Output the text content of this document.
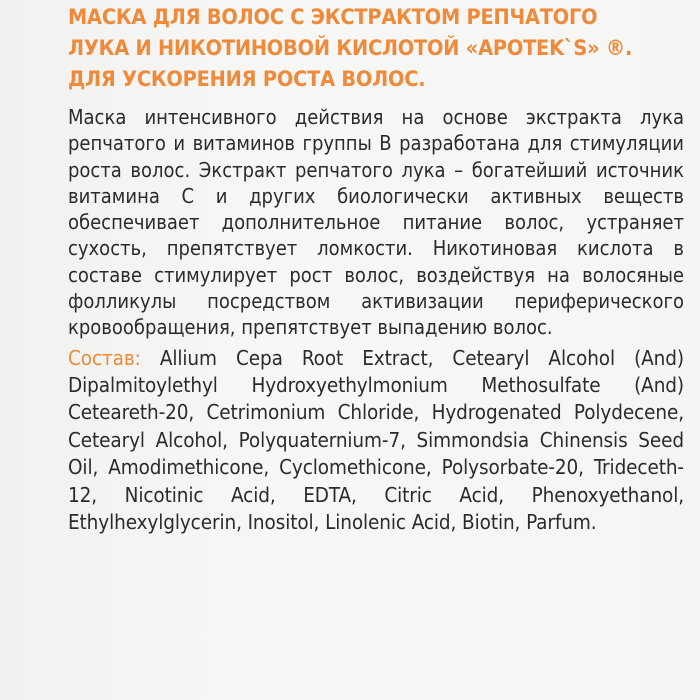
МАСКА ДЛЯ ВОЛОС С ЭКСТРАКТОМ РЕПЧАТОГО
ЛУКА И НИКОТИНОВОЙ КИСЛОТОЙ «APOTEK`S» ®.
ДЛЯ УСКОРЕНИЯ РОСТА ВОЛОС.

Маска интенсивного действия на основе экстракта лука репчатого и витаминов группы В разработана для стимуляции роста волос. Экстракт репчатого лука – богатейший источник витамина С и других биологически активных веществ обеспечивает дополнительное питание волос, устраняет сухость, препятствует ломкости. Никотиновая кислота в составе стимулирует рост волос, воздействуя на волосяные фолликулы посредством активизации периферического кровообращения, препятствует выпадению волос.

Состав: Allium Cepa Root Extract, Cetearyl Alcohol (And) Dipalmitoylethyl Hydroxyethylmonium Methosulfate (And) Ceteareth-20, Cetrimonium Chloride, Hydrogenated Polydecene, Cetearyl Alcohol, Polyquaternium-7, Simmondsia Chinensis Seed Oil, Amodimethicone, Cyclomethicone, Polysorbate-20, Trideceth-12, Nicotinic Acid, EDTA, Citric Acid, Phenoxyethanol, Ethylhexylglycerin, Inositol, Linolenic Acid, Biotin, Parfum.
